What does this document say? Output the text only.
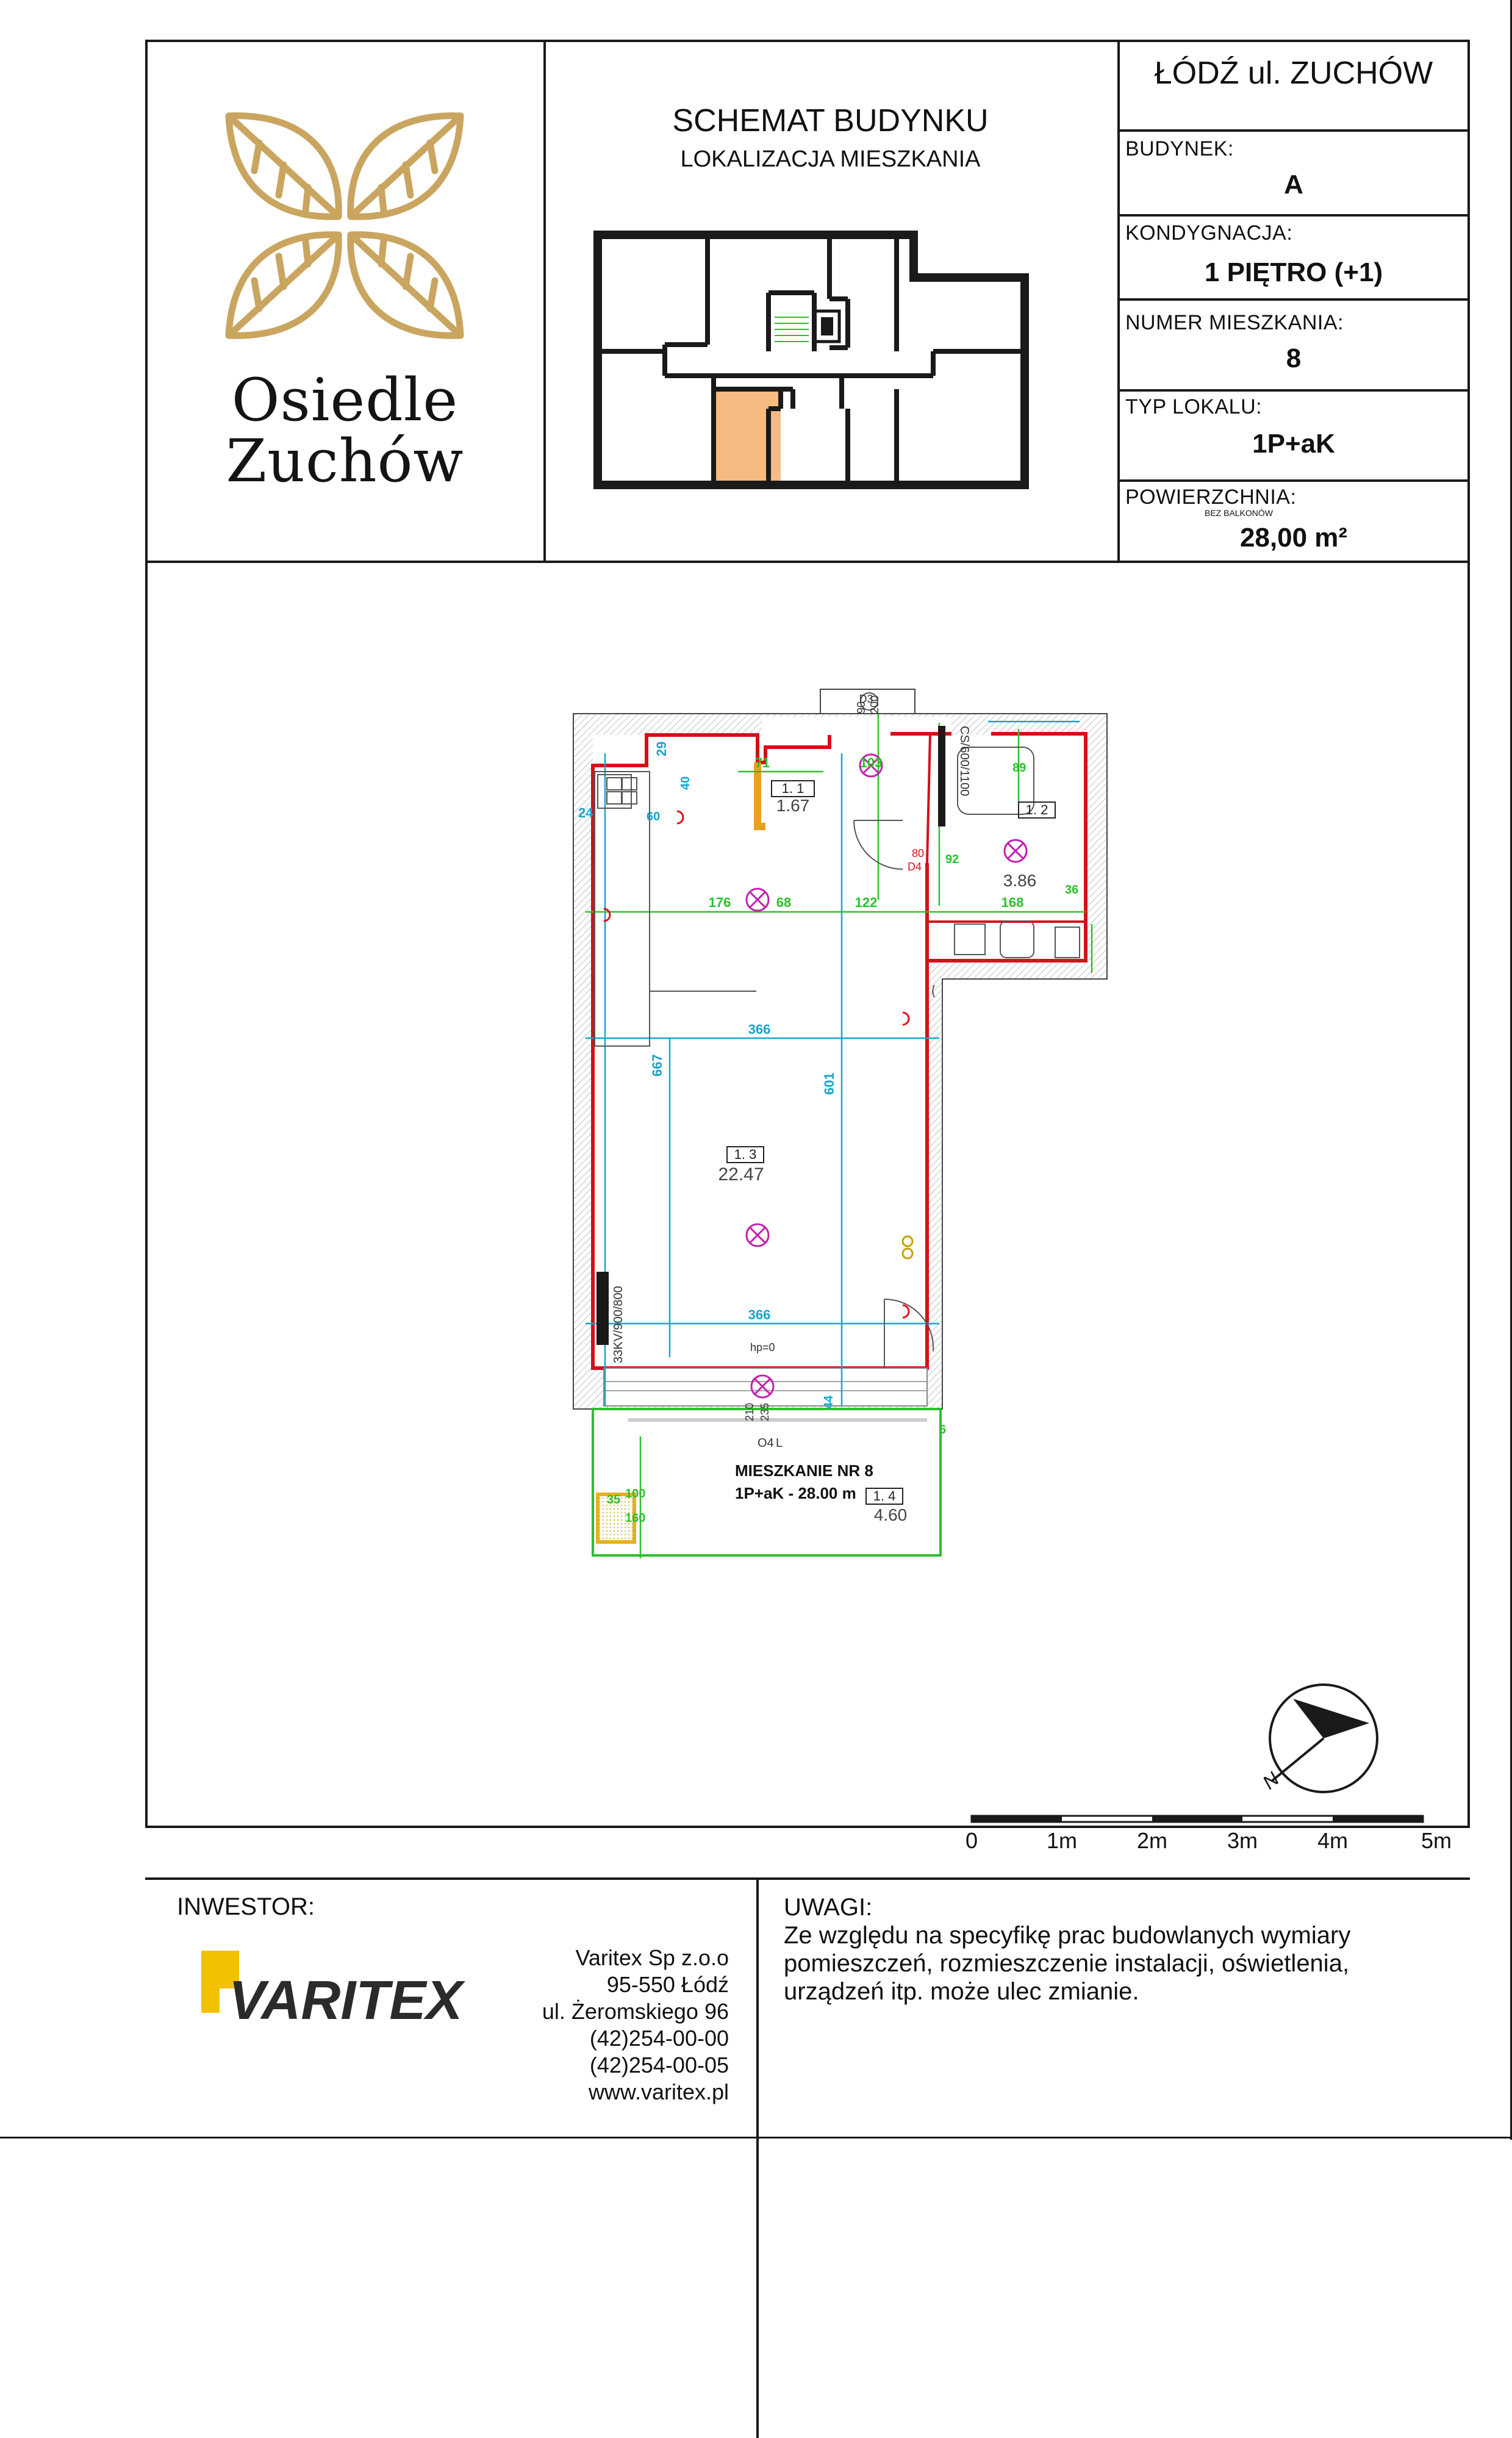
Osiedle
Zuchów
SCHEMAT BUDYNKU
LOKALIZACJA MIESZKANIA
ŁÓDŹ ul. ZUCHÓW
BUDYNEK:
A
KONDYGNACJA:
1 PIĘTRO (+1)
NUMER MIESZKANIA:
8
TYP LOKALU:
1P+aK
POWIERZCHNIA:
BEZ BALKONÓW
28,00 m²
1. 1
1.67	1. 2
3.86
1. 3
22.47
1. 4
4.60
176	68	122	168
71	103
92
89
36
100
160
35
6
366
366
667
601
24
29
60
40
44
90 200
D3
80
D4
210 235
O4 L
hp=0
33KV/900/800
CS/600/1100
MIESZKANIE NR 8
1P+aK - 28.00 m
N
0	1m	2m	3m	4m	5m
INWESTOR:
VARITEX
Varitex Sp z.o.o
95-550 Łódź
ul. Żeromskiego 96
(42)254-00-00
(42)254-00-05
www.varitex.pl
UWAGI:
Ze względu na specyfikę prac budowlanych wymiary
pomieszczeń, rozmieszczenie instalacji, oświetlenia,
urządzeń itp. może ulec zmianie.
